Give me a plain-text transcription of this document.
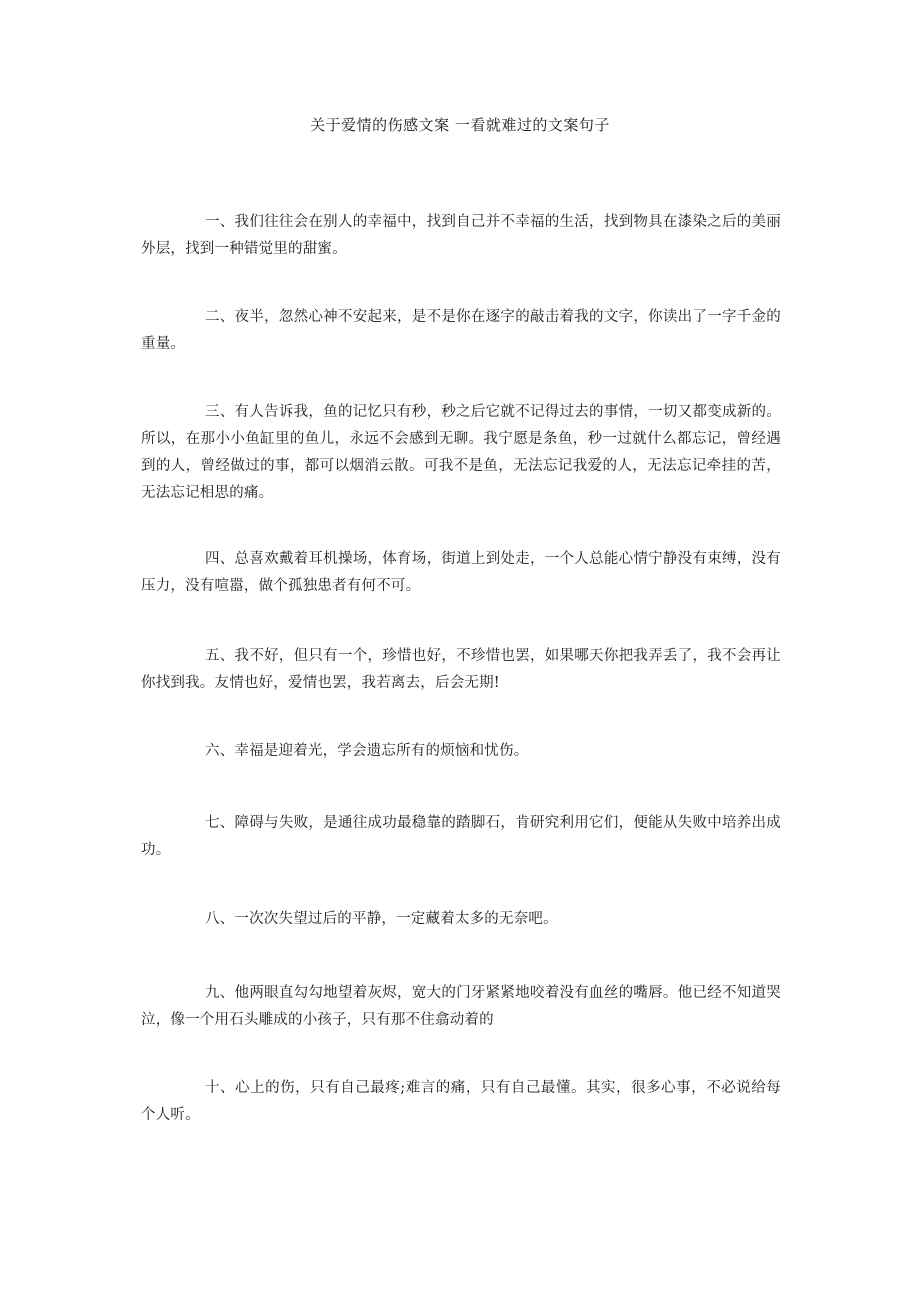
关于爱情的伤感文案 一看就难过的文案句子

一、我们往往会在别人的幸福中，找到自己并不幸福的生活，找到物具在漆染之后的美丽外层，找到一种错觉里的甜蜜。

二、夜半，忽然心神不安起来，是不是你在逐字的敲击着我的文字，你读出了一字千金的重量。

三、有人告诉我，鱼的记忆只有秒，秒之后它就不记得过去的事情，一切又都变成新的。所以，在那小小鱼缸里的鱼儿，永远不会感到无聊。我宁愿是条鱼，秒一过就什么都忘记，曾经遇到的人，曾经做过的事，都可以烟消云散。可我不是鱼，无法忘记我爱的人，无法忘记牵挂的苦，无法忘记相思的痛。

四、总喜欢戴着耳机操场，体育场，街道上到处走，一个人总能心情宁静没有束缚，没有压力，没有喧嚣，做个孤独患者有何不可。

五、我不好，但只有一个，珍惜也好，不珍惜也罢，如果哪天你把我弄丢了，我不会再让你找到我。友情也好，爱情也罢，我若离去，后会无期!

六、幸福是迎着光，学会遗忘所有的烦恼和忧伤。

七、障碍与失败，是通往成功最稳靠的踏脚石，肯研究利用它们，便能从失败中培养出成功。

八、一次次失望过后的平静，一定藏着太多的无奈吧。

九、他两眼直勾勾地望着灰烬，宽大的门牙紧紧地咬着没有血丝的嘴唇。他已经不知道哭泣，像一个用石头雕成的小孩子，只有那不住翕动着的

十、心上的伤，只有自己最疼;难言的痛，只有自己最懂。其实，很多心事，不必说给每个人听。
